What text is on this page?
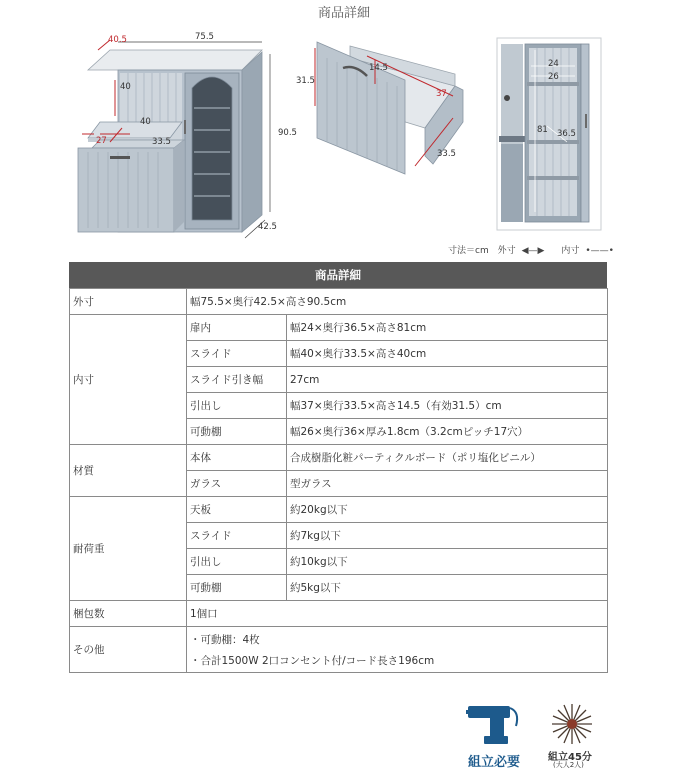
商品詳細
40.5	75.5
90.5
42.5
40
40
27	33.5
31.5
14.5
37
33.5
24
26
81 36.5
寸法＝cm 外寸 ◀—▶ 内寸 •——•
商品詳細
外寸	幅75.5×奥行42.5×高さ90.5cm	
内寸	扉内	幅24×奥行36.5×高さ81cm
	スライド	幅40×奥行33.5×高さ40cm
	スライド引き幅	27cm
	引出し	幅37×奥行33.5×高さ14.5（有効31.5）cm
	可動棚	幅26×奥行36×厚み1.8cm（3.2cmピッチ17穴）
材質	本体	合成樹脂化粧パーティクルボード（ポリ塩化ビニル）
	ガラス	型ガラス
耐荷重	天板	約20kg以下
	スライド	約7kg以下
	引出し	約10kg以下
	可動棚	約5kg以下
梱包数	1個口	
その他	・可動棚：4枚
・合計1500W 2口コンセント付/コード長さ196cm	
組立必要	組立45分
(大人2人)
